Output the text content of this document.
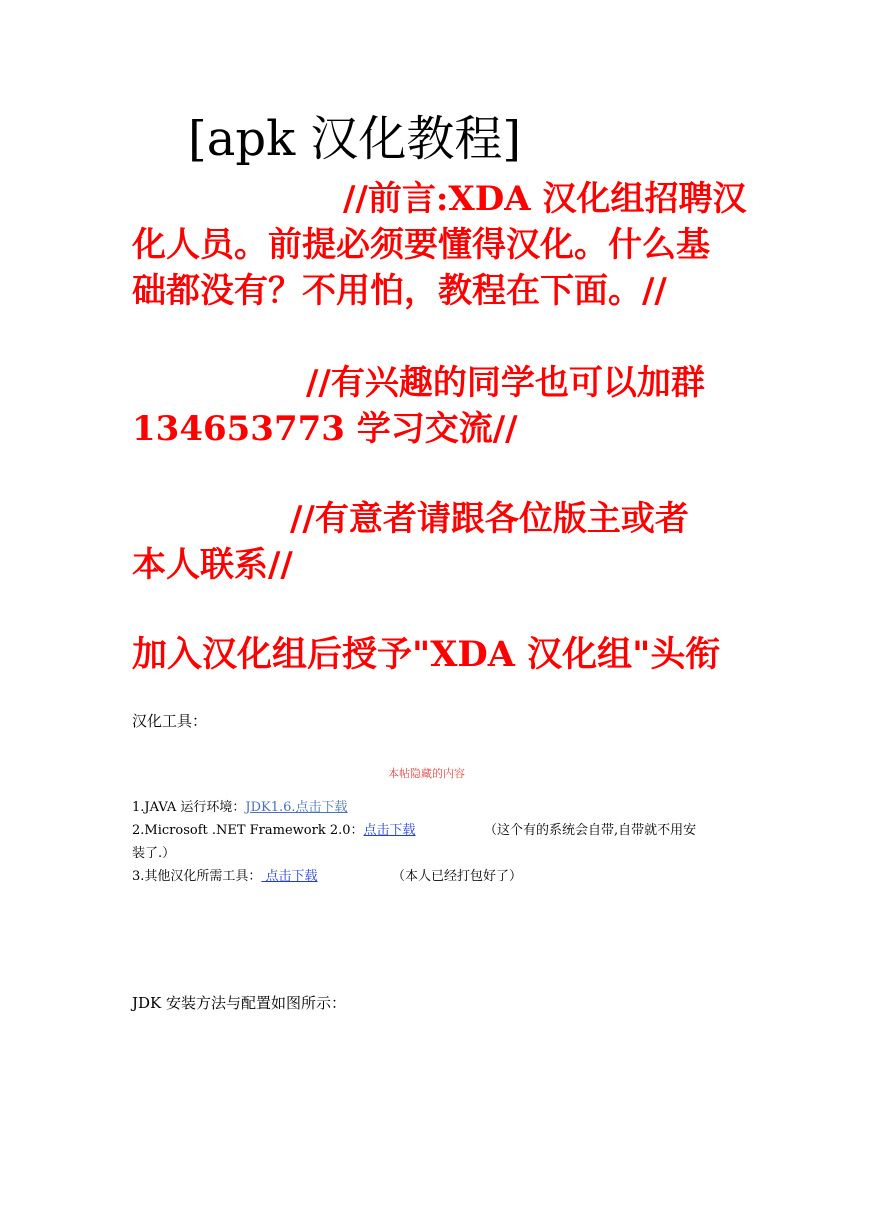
[apk 汉化教程]
//前言:XDA 汉化组招聘汉
化人员。前提必须要懂得汉化。什么基
础都没有？不用怕，教程在下面。//
//有兴趣的同学也可以加群
134653773 学习交流//
//有意者请跟各位版主或者
本人联系//
加入汉化组后授予"XDA 汉化组"头衔
汉化工具：
本帖隐藏的内容
1.JAVA 运行环境：JDK1.6.点击下载
2.Microsoft .NET Framework 2.0：点击下载	（这个有的系统会自带,自带就不用安
装了.）
3.其他汉化所需工具： 点击下载	（本人已经打包好了）
JDK 安装方法与配置如图所示：
